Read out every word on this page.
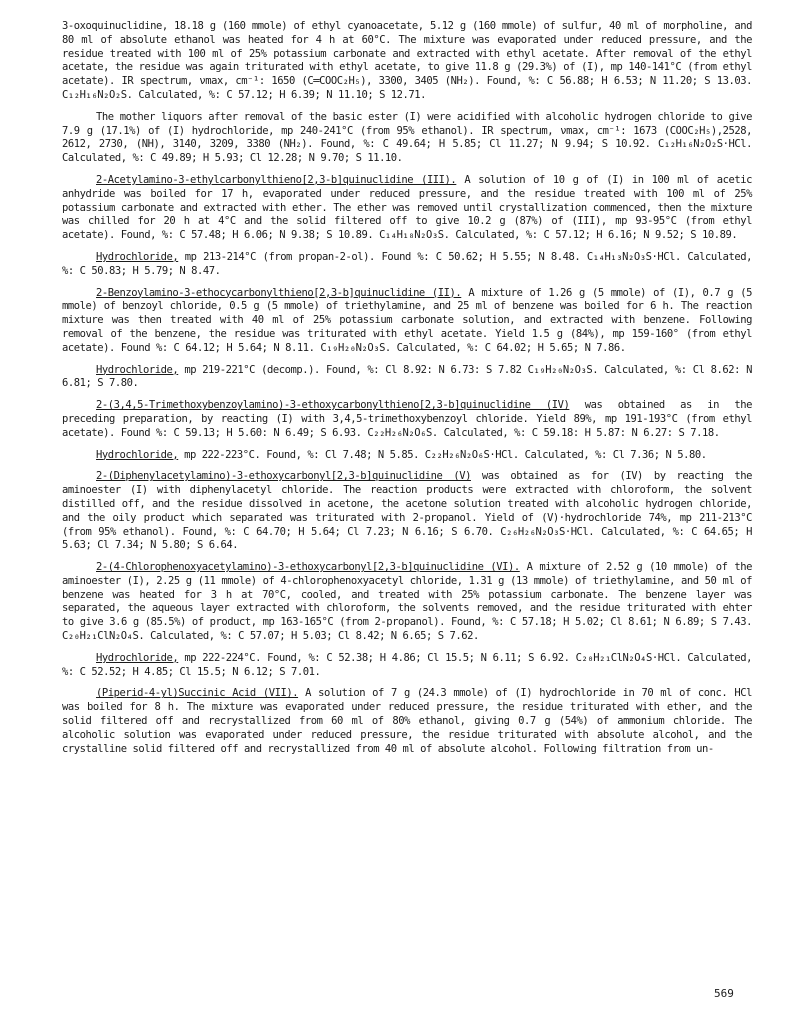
3-oxoquinuclidine, 18.18 g (160 mmole) of ethyl cyanoacetate, 5.12 g (160 mmole) of sulfur, 40 ml of morpholine, and 80 ml of absolute ethanol was heated for 4 h at 60°C. The mixture was evaporated under reduced pressure, and the residue treated with 100 ml of 25% potassium carbonate and extracted with ethyl acetate. After removal of the ethyl acetate, the residue was again triturated with ethyl acetate, to give 11.8 g (29.3%) of (I), mp 140-141°C (from ethyl acetate). IR spectrum, νmax, cm⁻¹: 1650 (C═COOC₂H₅), 3300, 3405 (NH₂). Found, %: C 56.88; H 6.53; N 11.20; S 13.03. C₁₂H₁₆N₂O₂S. Calculated, %: C 57.12; H 6.39; N 11.10; S 12.71.

The mother liquors after removal of the basic ester (I) were acidified with alcoholic hydrogen chloride to give 7.9 g (17.1%) of (I) hydrochloride, mp 240-241°C (from 95% ethanol). IR spectrum, νmax, cm⁻¹: 1673 (COOC₂H₅),2528, 2612, 2730, (NH), 3140, 3209, 3380 (NH₂). Found, %: C 49.64; H 5.85; Cl 11.27; N 9.94; S 10.92. C₁₂H₁₆N₂O₂S·HCl. Calculated, %: C 49.89; H 5.93; Cl 12.28; N 9.70; S 11.10.

2-Acetylamino-3-ethylcarbonylthieno[2,3-b]quinuclidine (III). A solution of 10 g of (I) in 100 ml of acetic anhydride was boiled for 17 h, evaporated under reduced pressure, and the residue treated with 100 ml of 25% potassium carbonate and extracted with ether. The ether was removed until crystallization commenced, then the mixture was chilled for 20 h at 4°C and the solid filtered off to give 10.2 g (87%) of (III), mp 93-95°C (from ethyl acetate). Found, %: C 57.48; H 6.06; N 9.38; S 10.89. C₁₄H₁₈N₂O₃S. Calculated, %: C 57.12; H 6.16; N 9.52; S 10.89.

Hydrochloride, mp 213-214°C (from propan-2-ol). Found %: C 50.62; H 5.55; N 8.48. C₁₄H₁₃N₂O₃S·HCl. Calculated, %: C 50.83; H 5.79; N 8.47.

2-Benzoylamino-3-ethocycarbonylthieno[2,3-b]quinuclidine (II). A mixture of 1.26 g (5 mmole) of (I), 0.7 g (5 mmole) of benzoyl chloride, 0.5 g (5 mmole) of triethylamine, and 25 ml of benzene was boiled for 6 h. The reaction mixture was then treated with 40 ml of 25% potassium carbonate solution, and extracted with benzene. Following removal of the benzene, the residue was triturated with ethyl acetate. Yield 1.5 g (84%), mp 159-160° (from ethyl acetate). Found %: C 64.12; H 5.64; N 8.11. C₁₉H₂₀N₂O₃S. Calculated, %: C 64.02; H 5.65; N 7.86.

Hydrochloride, mp 219-221°C (decomp.). Found, %: Cl 8.92: N 6.73: S 7.82 C₁₉H₂₀N₂O₃S. Calculated, %: Cl 8.62: N 6.81; S 7.80.

2-(3,4,5-Trimethoxybenzoylamino)-3-ethoxycarbonylthieno[2,3-b]quinuclidine (IV) was obtained as in the preceding preparation, by reacting (I) with 3,4,5-trimethoxybenzoyl chloride. Yield 89%, mp 191-193°C (from ethyl acetate). Found %: C 59.13; H 5.60: N 6.49; S 6.93. C₂₂H₂₆N₂O₆S. Calculated, %: C 59.18: H 5.87: N 6.27: S 7.18.

Hydrochloride, mp 222-223°C. Found, %: Cl 7.48; N 5.85. C₂₂H₂₆N₂O₆S·HCl. Calculated, %: Cl 7.36; N 5.80.

2-(Diphenylacetylamino)-3-ethoxycarbonyl[2,3-b]quinuclidine (V) was obtained as for (IV) by reacting the aminoester (I) with diphenylacetyl chloride. The reaction products were extracted with chloroform, the solvent distilled off, and the residue dissolved in acetone, the acetone solution treated with alcoholic hydrogen chloride, and the oily product which separated was triturated with 2-propanol. Yield of (V)·hydrochloride 74%, mp 211-213°C (from 95% ethanol). Found, %: C 64.70; H 5.64; Cl 7.23; N 6.16; S 6.70. C₂₆H₂₆N₂O₃S·HCl. Calculated, %: C 64.65; H 5.63; Cl 7.34; N 5.80; S 6.64.

2-(4-Chlorophenoxyacetylamino)-3-ethoxycarbonyl[2,3-b]quinuclidine (VI). A mixture of 2.52 g (10 mmole) of the aminoester (I), 2.25 g (11 mmole) of 4-chlorophenoxyacetyl chloride, 1.31 g (13 mmole) of triethylamine, and 50 ml of benzene was heated for 3 h at 70°C, cooled, and treated with 25% potassium carbonate. The benzene layer was separated, the aqueous layer extracted with chloroform, the solvents removed, and the residue triturated with ehter to give 3.6 g (85.5%) of product, mp 163-165°C (from 2-propanol). Found, %: C 57.18; H 5.02; Cl 8.61; N 6.89; S 7.43. C₂₀H₂₁ClN₂O₄S. Calculated, %: C 57.07; H 5.03; Cl 8.42; N 6.65; S 7.62.

Hydrochloride, mp 222-224°C. Found, %: C 52.38; H 4.86; Cl 15.5; N 6.11; S 6.92. C₂₀H₂₁ClN₂O₄S·HCl. Calculated, %: C 52.52; H 4.85; Cl 15.5; N 6.12; S 7.01.

(Piperid-4-yl)Succinic Acid (VII). A solution of 7 g (24.3 mmole) of (I) hydrochloride in 70 ml of conc. HCl was boiled for 8 h. The mixture was evaporated under reduced pressure, the residue triturated with ether, and the solid filtered off and recrystallized from 60 ml of 80% ethanol, giving 0.7 g (54%) of ammonium chloride. The alcoholic solution was evaporated under reduced pressure, the residue triturated with absolute alcohol, and the crystalline solid filtered off and recrystallized from 40 ml of absolute alcohol. Following filtration from un-

569
